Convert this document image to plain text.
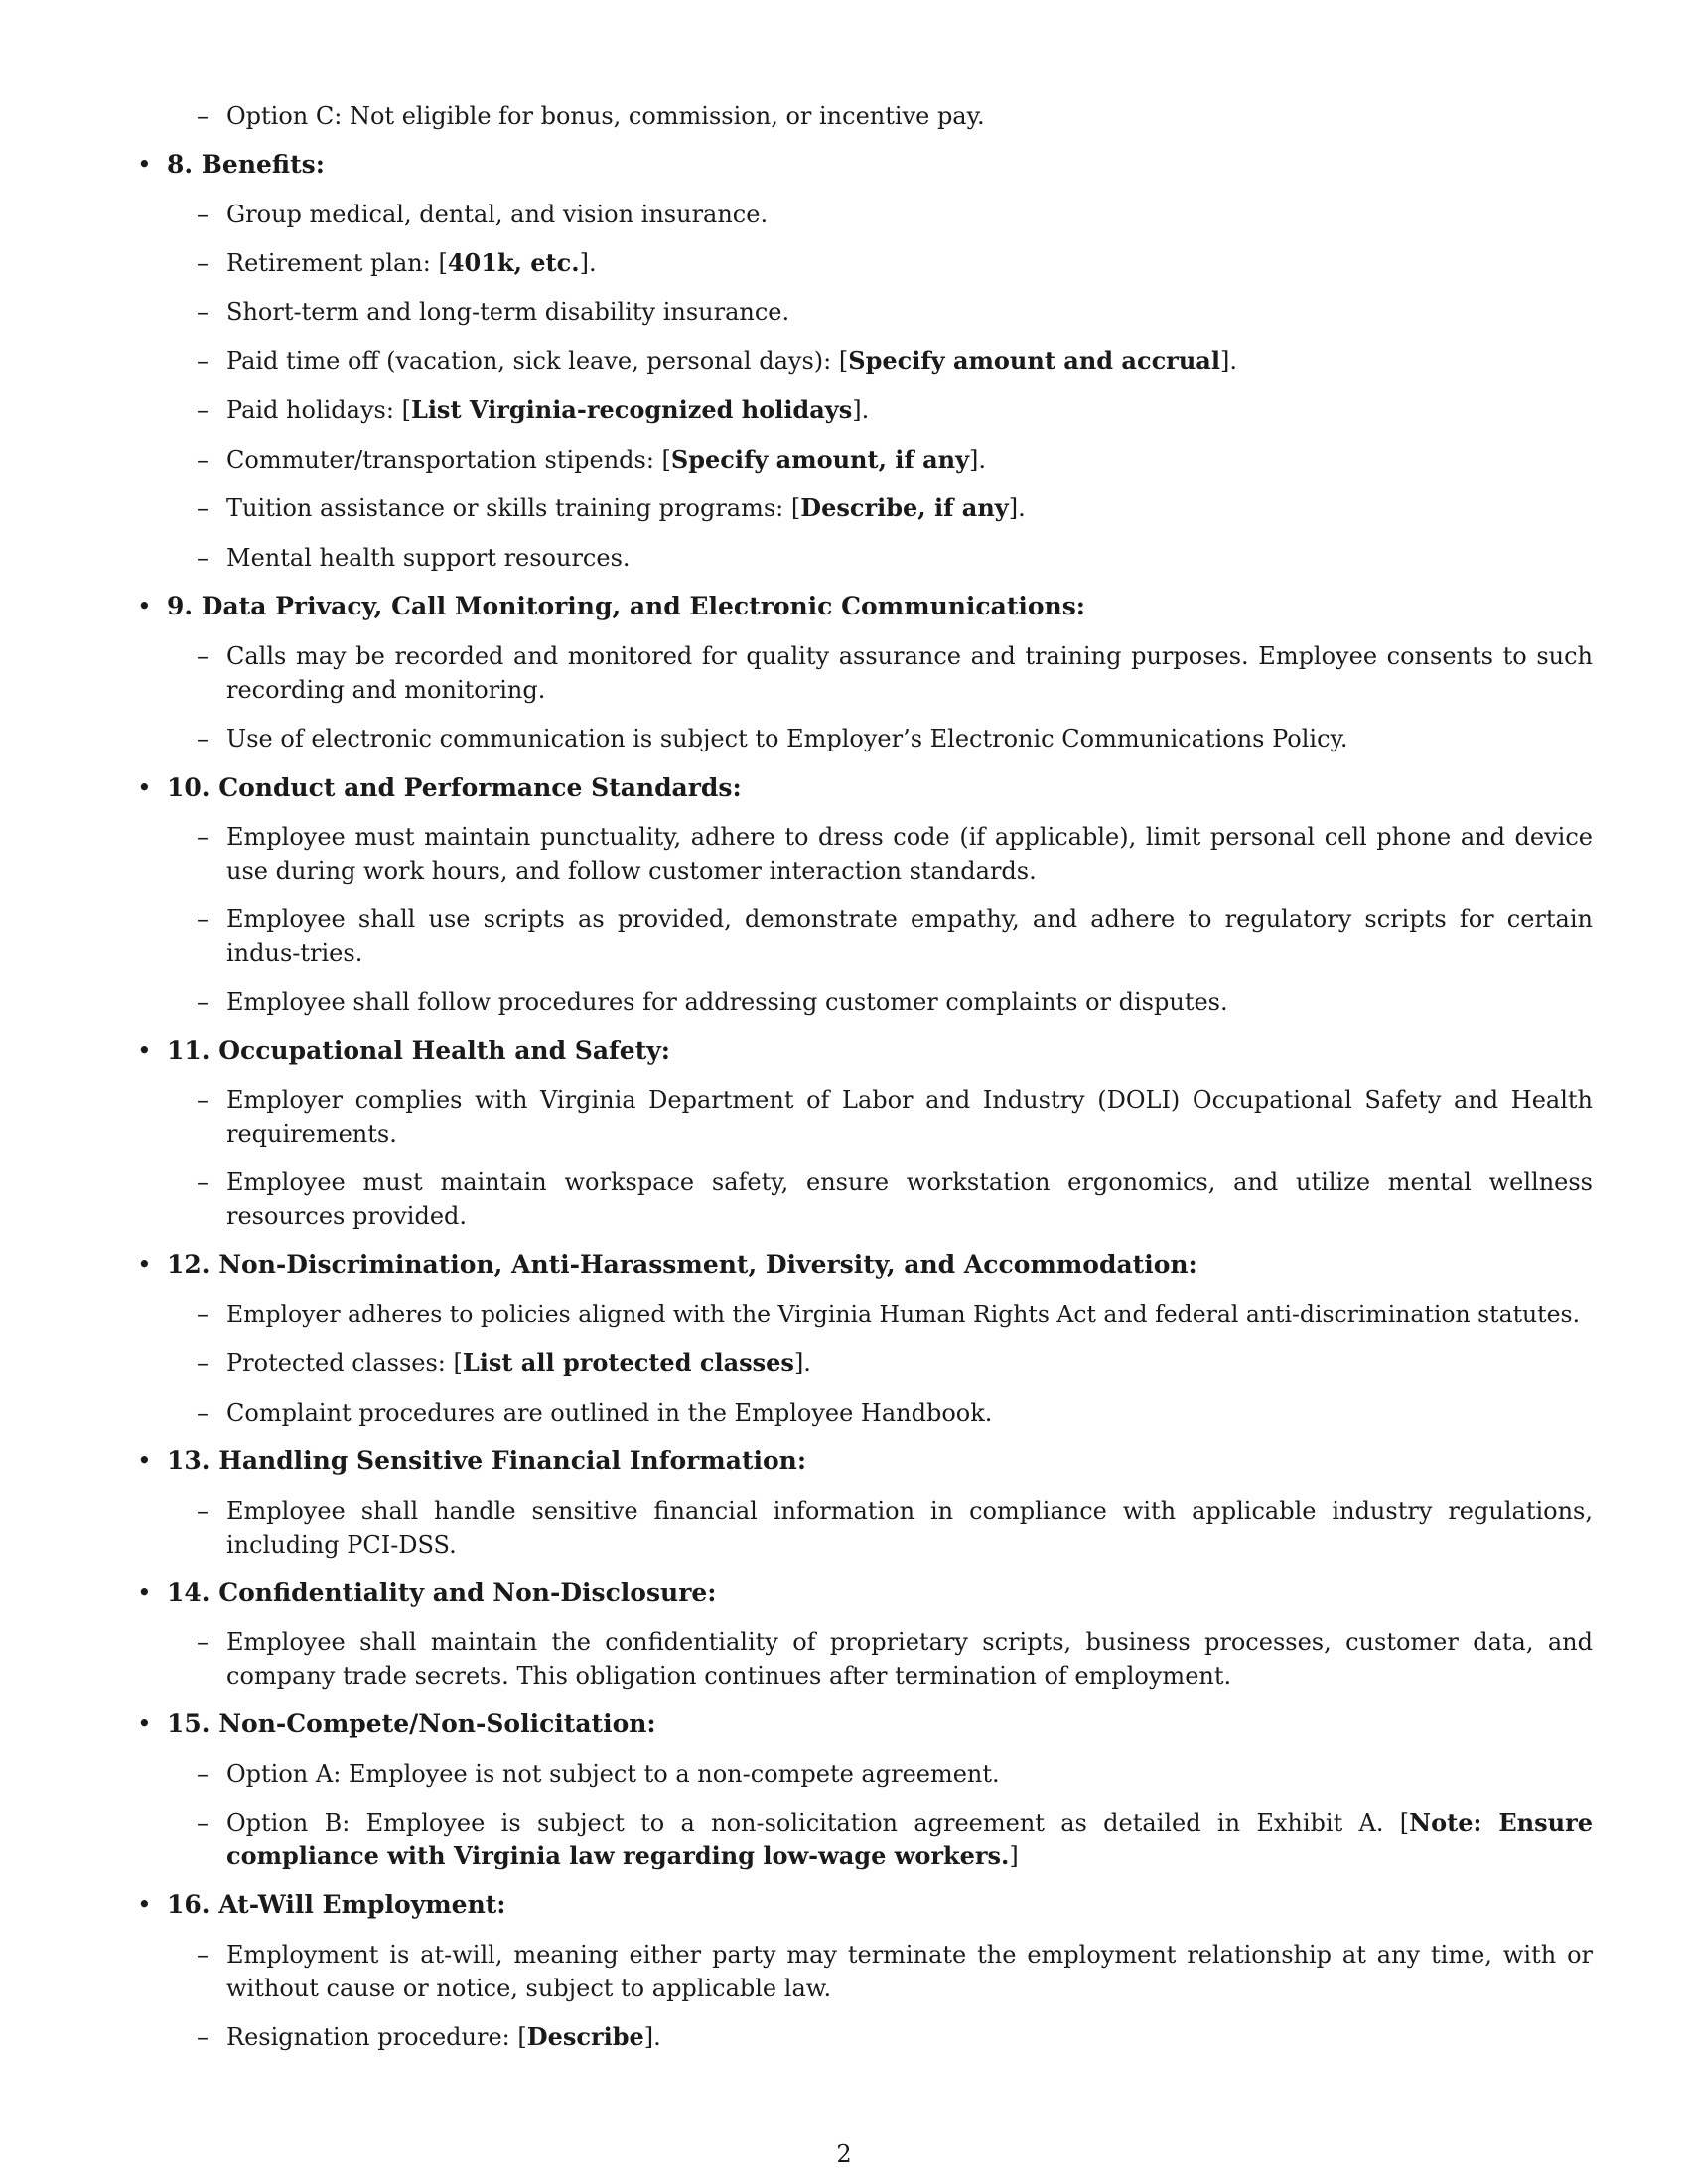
– Option C: Not eligible for bonus, commission, or incentive pay.
• 8. Benefits:
– Group medical, dental, and vision insurance.
– Retirement plan: [401k, etc.].
– Short-term and long-term disability insurance.
– Paid time off (vacation, sick leave, personal days): [Specify amount and accrual].
– Paid holidays: [List Virginia-recognized holidays].
– Commuter/transportation stipends: [Specify amount, if any].
– Tuition assistance or skills training programs: [Describe, if any].
– Mental health support resources.
• 9. Data Privacy, Call Monitoring, and Electronic Communications:
– Calls may be recorded and monitored for quality assurance and training purposes. Employee consents to such recording and monitoring.
– Use of electronic communication is subject to Employer’s Electronic Communications Policy.
• 10. Conduct and Performance Standards:
– Employee must maintain punctuality, adhere to dress code (if applicable), limit personal cell phone and device use during work hours, and follow customer interaction standards.
– Employee shall use scripts as provided, demonstrate empathy, and adhere to regulatory scripts for certain indus-tries.
– Employee shall follow procedures for addressing customer complaints or disputes.
• 11. Occupational Health and Safety:
– Employer complies with Virginia Department of Labor and Industry (DOLI) Occupational Safety and Health requirements.
– Employee must maintain workspace safety, ensure workstation ergonomics, and utilize mental wellness resources provided.
• 12. Non-Discrimination, Anti-Harassment, Diversity, and Accommodation:
– Employer adheres to policies aligned with the Virginia Human Rights Act and federal anti-discrimination statutes.
– Protected classes: [List all protected classes].
– Complaint procedures are outlined in the Employee Handbook.
• 13. Handling Sensitive Financial Information:
– Employee shall handle sensitive financial information in compliance with applicable industry regulations, including PCI-DSS.
• 14. Confidentiality and Non-Disclosure:
– Employee shall maintain the confidentiality of proprietary scripts, business processes, customer data, and company trade secrets. This obligation continues after termination of employment.
• 15. Non-Compete/Non-Solicitation:
– Option A: Employee is not subject to a non-compete agreement.
– Option B: Employee is subject to a non-solicitation agreement as detailed in Exhibit A. [Note: Ensure compliance with Virginia law regarding low-wage workers.]
• 16. At-Will Employment:
– Employment is at-will, meaning either party may terminate the employment relationship at any time, with or without cause or notice, subject to applicable law.
– Resignation procedure: [Describe].
2
